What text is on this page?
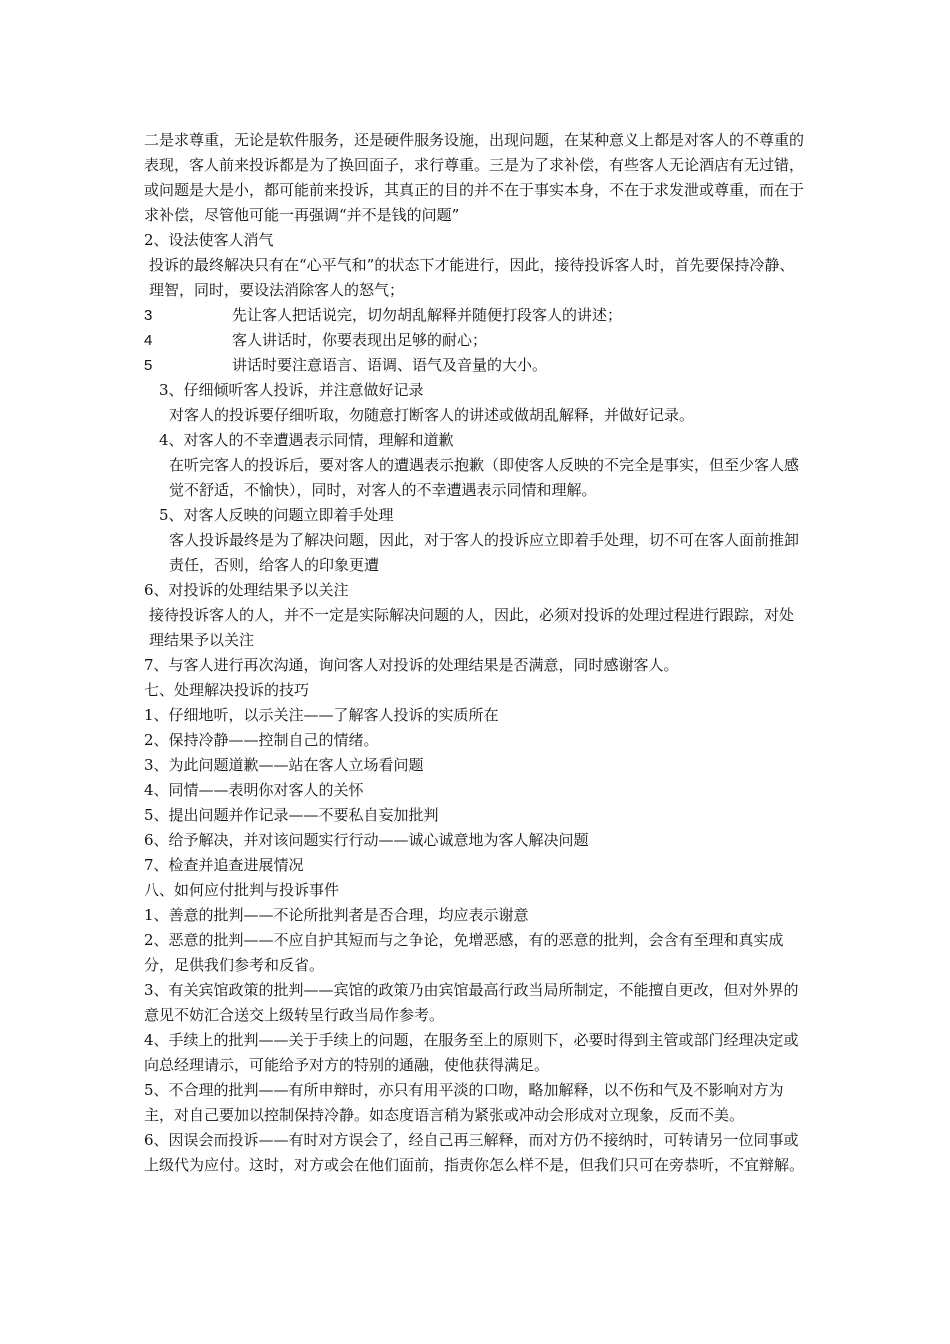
二是求尊重，无论是软件服务，还是硬件服务设施，出现问题，在某种意义上都是对客人的不尊重的表现，客人前来投诉都是为了换回面子，求行尊重。三是为了求补偿，有些客人无论酒店有无过错，或问题是大是小，都可能前来投诉，其真正的目的并不在于事实本身，不在于求发泄或尊重，而在于求补偿，尽管他可能一再强调“并不是钱的问题”

2、设法使客人消气

投诉的最终解决只有在“心平气和”的状态下才能进行，因此，接待投诉客人时，首先要保持冷静、理智，同时，要设法消除客人的怒气；

3	先让客人把话说完，切勿胡乱解释并随便打段客人的讲述；

4	客人讲话时，你要表现出足够的耐心；

5	讲话时要注意语言、语调、语气及音量的大小。

3、仔细倾听客人投诉，并注意做好记录

对客人的投诉要仔细听取，勿随意打断客人的讲述或做胡乱解释，并做好记录。

4、对客人的不幸遭遇表示同情，理解和道歉

在听完客人的投诉后，要对客人的遭遇表示抱歉（即使客人反映的不完全是事实，但至少客人感觉不舒适，不愉快），同时，对客人的不幸遭遇表示同情和理解。

5、对客人反映的问题立即着手处理

客人投诉最终是为了解决问题，因此，对于客人的投诉应立即着手处理，切不可在客人面前推卸责任，否则，给客人的印象更遭

6、对投诉的处理结果予以关注

接待投诉客人的人，并不一定是实际解决问题的人，因此，必须对投诉的处理过程进行跟踪，对处理结果予以关注

7、与客人进行再次沟通，询问客人对投诉的处理结果是否满意，同时感谢客人。

七、处理解决投诉的技巧

1、仔细地听，以示关注——了解客人投诉的实质所在

2、保持冷静——控制自己的情绪。

3、为此问题道歉——站在客人立场看问题

4、同情——表明你对客人的关怀

5、提出问题并作记录——不要私自妄加批判

6、给予解决，并对该问题实行行动——诚心诚意地为客人解决问题

7、检查并追查进展情况

八、如何应付批判与投诉事件

1、善意的批判——不论所批判者是否合理，均应表示谢意

2、恶意的批判——不应自护其短而与之争论，免增恶感，有的恶意的批判，会含有至理和真实成分，足供我们参考和反省。

3、有关宾馆政策的批判——宾馆的政策乃由宾馆最高行政当局所制定，不能擅自更改，但对外界的意见不妨汇合送交上级转呈行政当局作参考。

4、手续上的批判——关于手续上的问题，在服务至上的原则下，必要时得到主管或部门经理决定或向总经理请示，可能给予对方的特别的通融，使他获得满足。

5、不合理的批判——有所申辩时，亦只有用平淡的口吻，略加解释，以不伤和气及不影响对方为主，对自己要加以控制保持冷静。如态度语言稍为紧张或冲动会形成对立现象，反而不美。

6、因误会而投诉——有时对方误会了，经自己再三解释，而对方仍不接纳时，可转请另一位同事或上级代为应付。这时，对方或会在他们面前，指责你怎么样不是，但我们只可在旁恭听，不宜辩解。
